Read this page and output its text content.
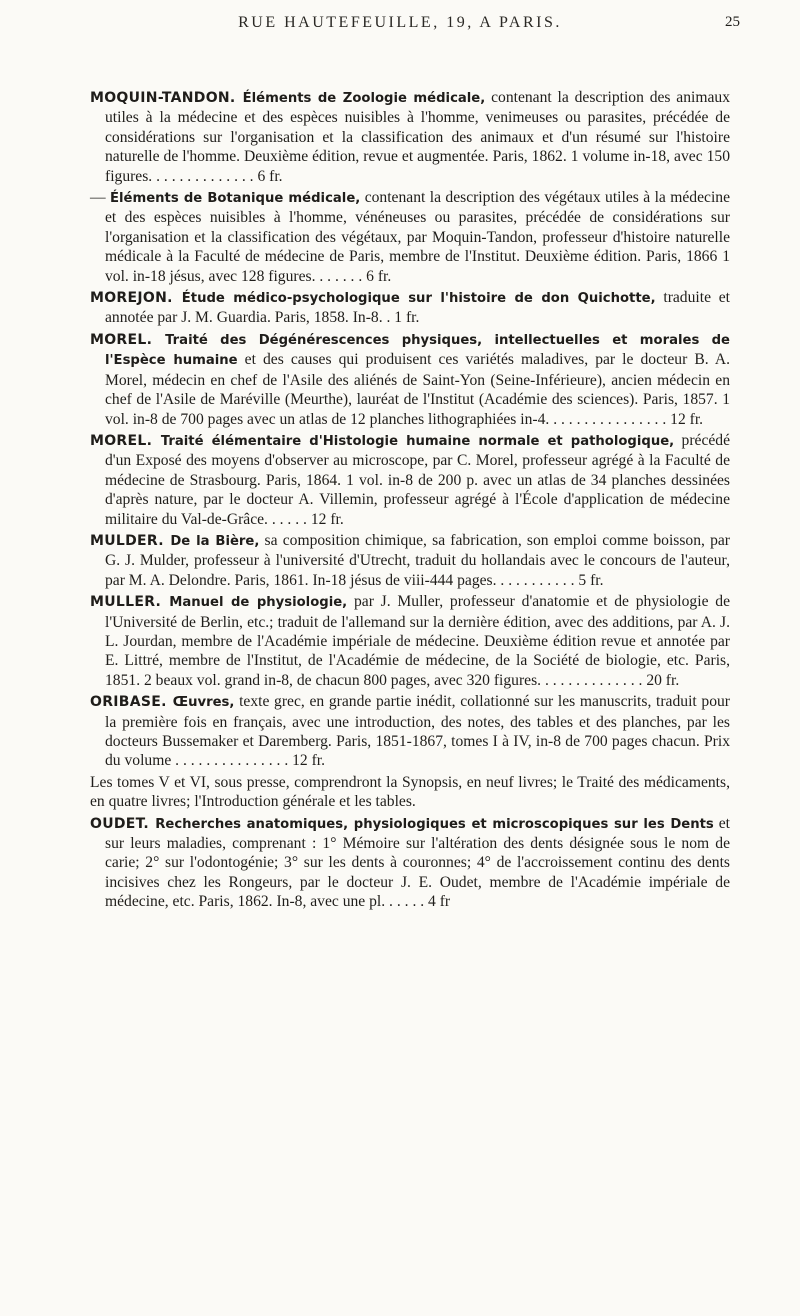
RUE HAUTEFEUILLE, 19, A PARIS.	25

MOQUIN-TANDON. Éléments de Zoologie médicale, contenant la description des animaux utiles à la médecine et des espèces nuisibles à l'homme, venimeuses ou parasites, précédée de considérations sur l'organisation et la classification des animaux et d'un résumé sur l'histoire naturelle de l'homme. Deuxième édition, revue et augmentée. Paris, 1862. 1 volume in-18, avec 150 figures. . . . . . . . . . . . . . 6 fr.

— Éléments de Botanique médicale, contenant la description des végétaux utiles à la médecine et des espèces nuisibles à l'homme, vénéneuses ou parasites, précédée de considérations sur l'organisation et la classification des végétaux, par Moquin-Tandon, professeur d'histoire naturelle médicale à la Faculté de médecine de Paris, membre de l'Institut. Deuxième édition. Paris, 1866 1 vol. in-18 jésus, avec 128 figures. . . . . . . 6 fr.

MOREJON. Étude médico-psychologique sur l'histoire de don Quichotte, traduite et annotée par J. M. Guardia. Paris, 1858. In-8. . 1 fr.

MOREL. Traité des Dégénérescences physiques, intellectuelles et morales de l'Espèce humaine et des causes qui produisent ces variétés maladives, par le docteur B. A. Morel, médecin en chef de l'Asile des aliénés de Saint-Yon (Seine-Inférieure), ancien médecin en chef de l'Asile de Maréville (Meurthe), lauréat de l'Institut (Académie des sciences). Paris, 1857. 1 vol. in-8 de 700 pages avec un atlas de 12 planches lithographiées in-4. . . . . . . . . . . . . . . . 12 fr.

MOREL. Traité élémentaire d'Histologie humaine normale et pathologique, précédé d'un Exposé des moyens d'observer au microscope, par C. Morel, professeur agrégé à la Faculté de médecine de Strasbourg. Paris, 1864. 1 vol. in-8 de 200 p. avec un atlas de 34 planches dessinées d'après nature, par le docteur A. Villemin, professeur agrégé à l'École d'application de médecine militaire du Val-de-Grâce. . . . . . 12 fr.

MULDER. De la Bière, sa composition chimique, sa fabrication, son emploi comme boisson, par G. J. Mulder, professeur à l'université d'Utrecht, traduit du hollandais avec le concours de l'auteur, par M. A. Delondre. Paris, 1861. In-18 jésus de viii-444 pages. . . . . . . . . . . 5 fr.

MULLER. Manuel de physiologie, par J. Muller, professeur d'anatomie et de physiologie de l'Université de Berlin, etc.; traduit de l'allemand sur la dernière édition, avec des additions, par A. J. L. Jourdan, membre de l'Académie impériale de médecine. Deuxième édition revue et annotée par E. Littré, membre de l'Institut, de l'Académie de médecine, de la Société de biologie, etc. Paris, 1851. 2 beaux vol. grand in-8, de chacun 800 pages, avec 320 figures. . . . . . . . . . . . . . 20 fr.

ORIBASE. Œuvres, texte grec, en grande partie inédit, collationné sur les manuscrits, traduit pour la première fois en français, avec une introduction, des notes, des tables et des planches, par les docteurs Bussemaker et Daremberg. Paris, 1851-1867, tomes I à IV, in-8 de 700 pages chacun. Prix du volume . . . . . . . . . . . . . . . 12 fr.

Les tomes V et VI, sous presse, comprendront la Synopsis, en neuf livres; le Traité des médicaments, en quatre livres; l'Introduction générale et les tables.

OUDET. Recherches anatomiques, physiologiques et microscopiques sur les Dents et sur leurs maladies, comprenant : 1° Mémoire sur l'altération des dents désignée sous le nom de carie; 2° sur l'odontogénie; 3° sur les dents à couronnes; 4° de l'accroissement continu des dents incisives chez les Rongeurs, par le docteur J. E. Oudet, membre de l'Académie impériale de médecine, etc. Paris, 1862. In-8, avec une pl. . . . . . 4 fr
